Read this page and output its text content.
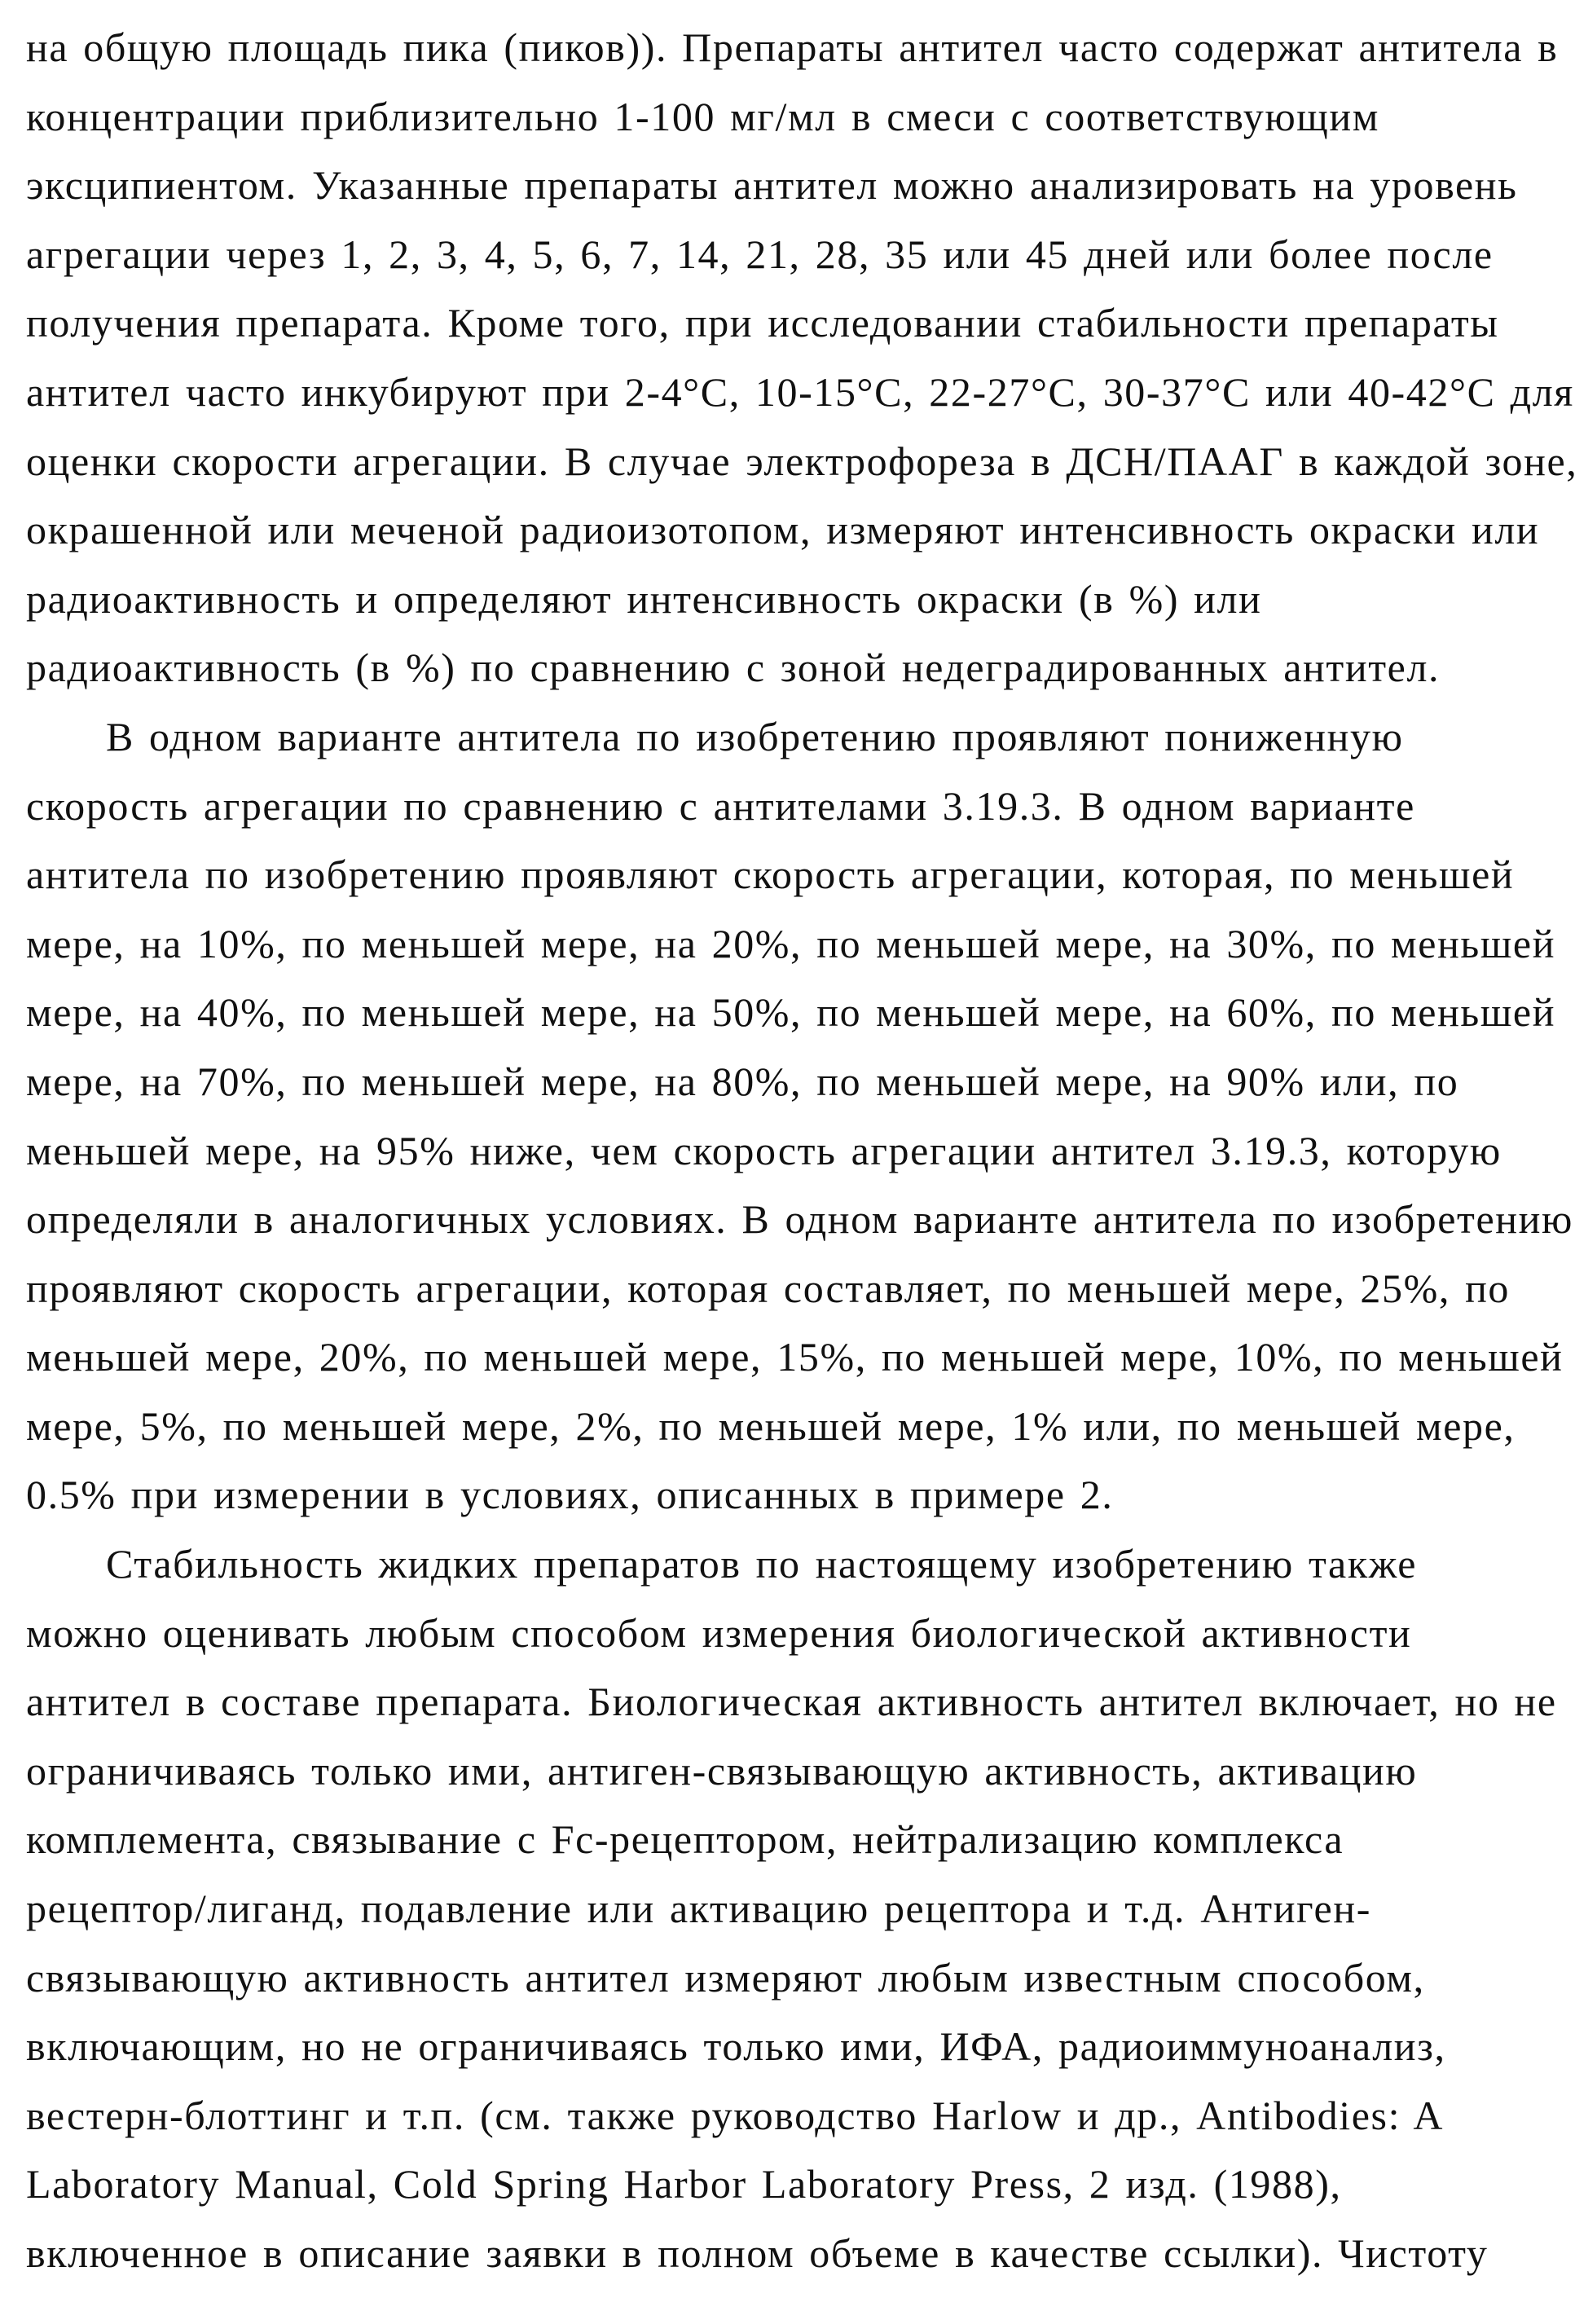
на общую площадь пика (пиков)). Препараты антител часто содержат антитела в
концентрации приблизительно 1-100 мг/мл в смеси с соответствующим
эксципиентом. Указанные препараты антител можно анализировать на уровень
агрегации через 1, 2, 3, 4, 5, 6, 7, 14, 21, 28, 35 или 45 дней или более после
получения препарата. Кроме того, при исследовании стабильности препараты
антител часто инкубируют при 2-4°C, 10-15°C, 22-27°C, 30-37°C или 40-42°C для
оценки скорости агрегации. В случае электрофореза в ДСН/ПААГ в каждой зоне,
окрашенной или меченой радиоизотопом, измеряют интенсивность окраски или
радиоактивность и определяют интенсивность окраски (в %) или
радиоактивность (в %) по сравнению с зоной недеградированных антител.
В одном варианте антитела по изобретению проявляют пониженную
скорость агрегации по сравнению с антителами 3.19.3. В одном варианте
антитела по изобретению проявляют скорость агрегации, которая, по меньшей
мере, на 10%, по меньшей мере, на 20%, по меньшей мере, на 30%, по меньшей
мере, на 40%, по меньшей мере, на 50%, по меньшей мере, на 60%, по меньшей
мере, на 70%, по меньшей мере, на 80%, по меньшей мере, на 90% или, по
меньшей мере, на 95% ниже, чем скорость агрегации антител 3.19.3, которую
определяли в аналогичных условиях. В одном варианте антитела по изобретению
проявляют скорость агрегации, которая составляет, по меньшей мере, 25%, по
меньшей мере, 20%, по меньшей мере, 15%, по меньшей мере, 10%, по меньшей
мере, 5%, по меньшей мере, 2%, по меньшей мере, 1% или, по меньшей мере,
0.5% при измерении в условиях, описанных в примере 2.
Стабильность жидких препаратов по настоящему изобретению также
можно оценивать любым способом измерения биологической активности
антител в составе препарата. Биологическая активность антител включает, но не
ограничиваясь только ими, антиген-связывающую активность, активацию
комплемента, связывание с Fc-рецептором, нейтрализацию комплекса
рецептор/лиганд, подавление или активацию рецептора и т.д. Антиген-
связывающую активность антител измеряют любым известным способом,
включающим, но не ограничиваясь только ими, ИФА, радиоиммуноанализ,
вестерн-блоттинг и т.п. (см. также руководство Harlow и др., Antibodies: A
Laboratory Manual, Cold Spring Harbor Laboratory Press, 2 изд. (1988),
включенное в описание заявки в полном объеме в качестве ссылки). Чистоту
